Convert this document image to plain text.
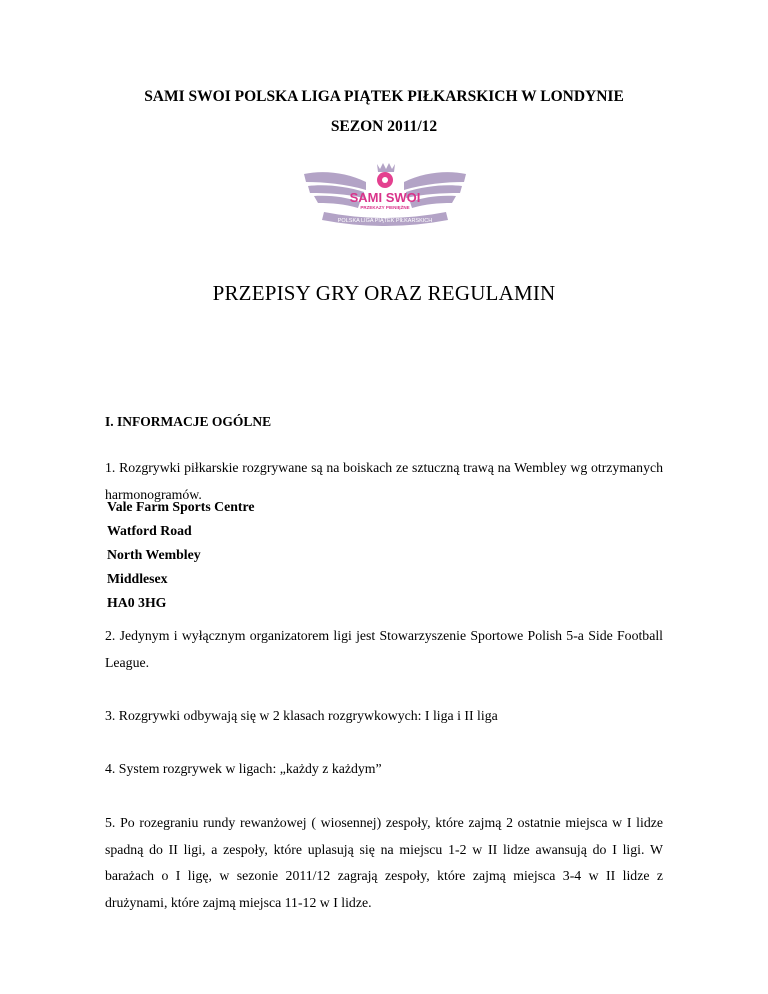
SAMI SWOI POLSKA LIGA PIĄTEK PIŁKARSKICH W LONDYNIE
SEZON 2011/12
SAMI SWOI
PRZEKAZY PIENIĘŻNE
POLSKA LIGA PIĄTEK PIŁKARSKICH
PRZEPISY GRY ORAZ REGULAMIN
I. INFORMACJE OGÓLNE
1. Rozgrywki piłkarskie rozgrywane są na boiskach ze sztuczną trawą na Wembley wg otrzymanych harmonogramów.
Vale Farm Sports Centre
Watford Road
North Wembley
Middlesex
HA0 3HG
2. Jedynym i wyłącznym organizatorem ligi jest Stowarzyszenie Sportowe Polish 5-a Side Football League.
3. Rozgrywki odbywają się w 2 klasach rozgrywkowych: I liga i II liga
4. System rozgrywek w ligach: „każdy z każdym”
5. Po rozegraniu rundy rewanżowej ( wiosennej) zespoły, które zajmą 2 ostatnie miejsca w I lidze spadną do II ligi, a zespoły, które uplasują się na miejscu 1-2 w II lidze awansują do I ligi. W barażach o I ligę, w sezonie 2011/12 zagrają zespoły, które zajmą miejsca 3-4 w II lidze z drużynami, które zajmą miejsca 11-12 w I lidze.
